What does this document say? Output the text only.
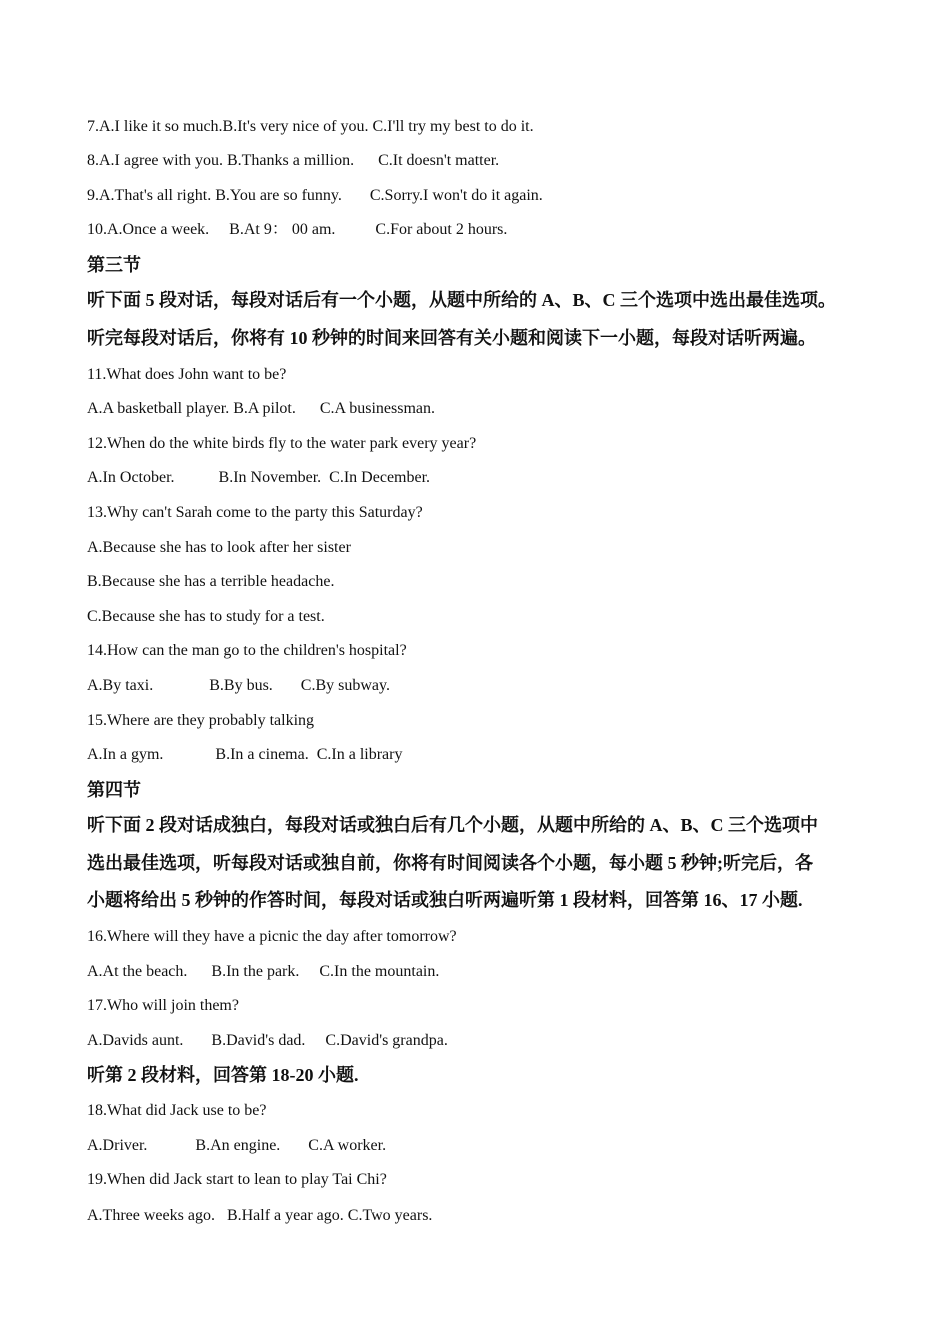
7.A.I like it so much.B.It's very nice of you. C.I'll try my best to do it.
8.A.I agree with you. B.Thanks a million.      C.It doesn't matter.
9.A.That's all right. B.You are so funny.       C.Sorry.I won't do it again.
10.A.Once a week.     B.At 9： 00 am.          C.For about 2 hours.
第三节
听下面 5 段对话，每段对话后有一个小题，从题中所给的 A、B、C 三个选项中选出最佳选项。
听完每段对话后，你将有 10 秒钟的时间来回答有关小题和阅读下一小题，每段对话听两遍。
11.What does John want to be?
A.A basketball player. B.A pilot.      C.A businessman.
12.When do the white birds fly to the water park every year?
A.In October.           B.In November.  C.In December.
13.Why can't Sarah come to the party this Saturday?
A.Because she has to look after her sister
B.Because she has a terrible headache.
C.Because she has to study for a test.
14.How can the man go to the children's hospital?
A.By taxi.              B.By bus.       C.By subway.
15.Where are they probably talking
A.In a gym.             B.In a cinema.  C.In a library
第四节
听下面 2 段对话成独白，每段对话或独白后有几个小题，从题中所给的 A、B、C 三个选项中
选出最佳选项，听每段对话或独自前，你将有时间阅读各个小题，每小题 5 秒钟;听完后，各
小题将给出 5 秒钟的作答时间，每段对话或独白听两遍听第 1 段材料，回答第 16、17 小题.
16.Where will they have a picnic the day after tomorrow?
A.At the beach.      B.In the park.     C.In the mountain.
17.Who will join them?
A.Davids aunt.       B.David's dad.     C.David's grandpa.
听第 2 段材料，回答第 18-20 小题.
18.What did Jack use to be?
A.Driver.            B.An engine.       C.A worker.
19.When did Jack start to lean to play Tai Chi?
A.Three weeks ago.   B.Half a year ago. C.Two years.
